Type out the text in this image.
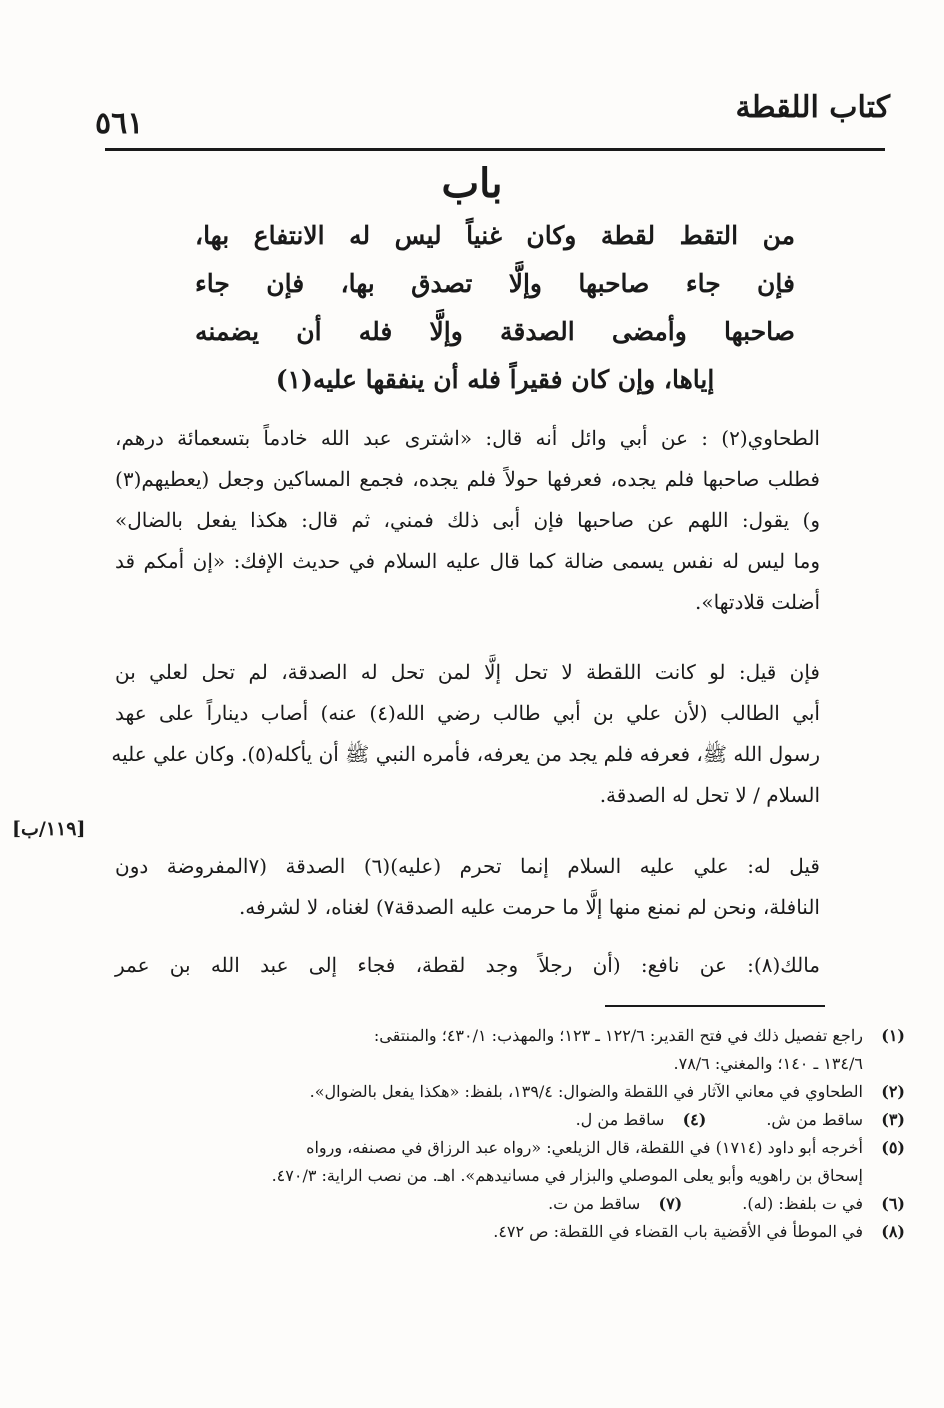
كتاب اللقطة
٥٦١
باب
من التقط لقطة وكان غنياً ليس له الانتفاع بها،
فإن جاء صاحبها وإلَّا تصدق بها، فإن جاء
صاحبها وأمضى الصدقة وإلَّا فله أن يضمنه
إياها، وإن كان فقيراً فله أن ينفقها عليه(١)
الطحاوي(٢) : عن أبي وائل أنه قال: «اشترى عبد الله خادماً بتسعمائة درهم،
فطلب صاحبها فلم يجده، فعرفها حولاً فلم يجده، فجمع المساكين وجعل (يعطيهم(٣)
و) يقول: اللهم عن صاحبها فإن أبى ذلك فمني، ثم قال: هكذا يفعل بالضال»
وما ليس له نفس يسمى ضالة كما قال عليه السلام في حديث الإفك: «إن أمكم قد
أضلت قلادتها».
فإن قيل: لو كانت اللقطة لا تحل إلَّا لمن تحل له الصدقة، لم تحل لعلي بن
أبي الطالب (لأن علي بن أبي طالب رضي الله(٤) عنه) أصاب ديناراً على عهد
رسول الله ﷺ، فعرفه فلم يجد من يعرفه، فأمره النبي ﷺ أن يأكله(٥). وكان علي عليه
السلام / لا تحل له الصدقة.
[١١٩/ب]
قيل له: علي عليه السلام إنما تحرم (عليه)(٦) الصدقة (٧المفروضة دون
النافلة، ونحن لم نمنع منها إلَّا ما حرمت عليه الصدقة٧) لغناه، لا لشرفه.
مالك(٨): عن نافع: (أن رجلاً وجد لقطة، فجاء إلى عبد الله بن عمر
(١)راجع تفصيل ذلك في فتح القدير: ١٢٢/٦ ـ ١٢٣؛ والمهذب: ٤٣٠/١؛ والمنتقى:
١٣٤/٦ ـ ١٤٠؛ والمغني: ٧٨/٦.
(٢)الطحاوي في معاني الآثار في اللقطة والضوال: ١٣٩/٤، بلفظ: «هكذا يفعل بالضوال».
(٣)ساقط من ش.(٤)ساقط من ل.
(٥)أخرجه أبو داود (١٧١٤) في اللقطة، قال الزيلعي: «رواه عبد الرزاق في مصنفه، ورواه
إسحاق بن راهويه وأبو يعلى الموصلي والبزار في مسانيدهم». اهـ. من نصب الراية: ٤٧٠/٣.
(٦)في ت بلفظ: (له).(٧)ساقط من ت.
(٨)في الموطأ في الأقضية باب القضاء في اللقطة: ص ٤٧٢.
